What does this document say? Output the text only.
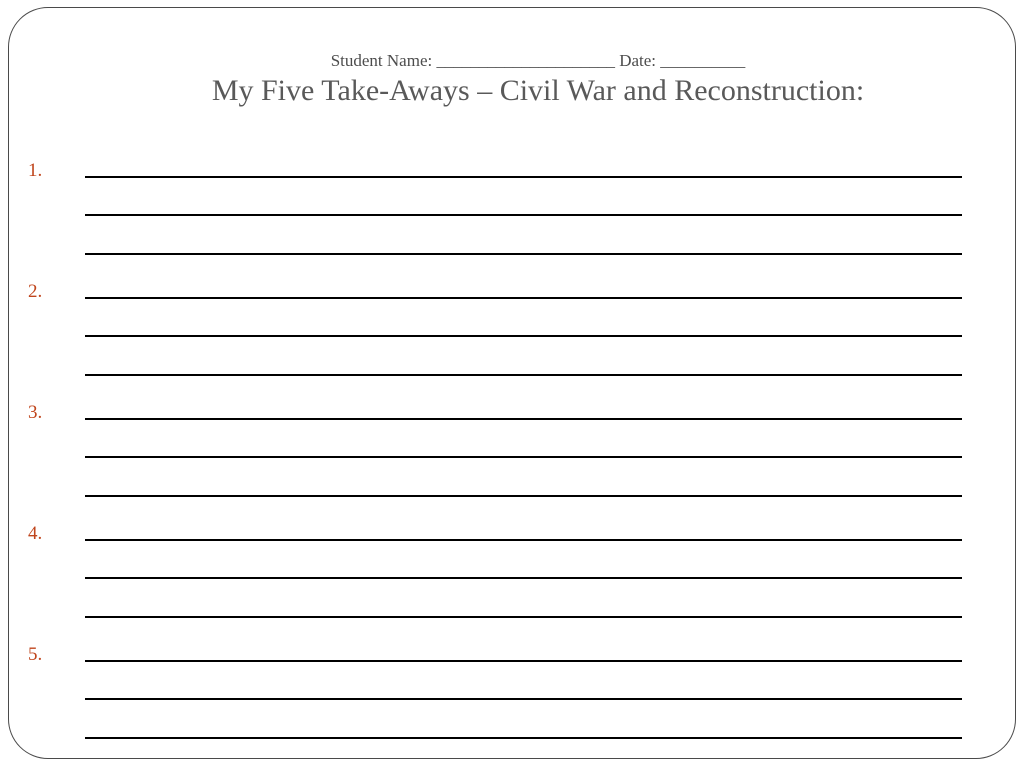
Student Name: _____________________ Date: __________
My Five Take-Aways – Civil War and Reconstruction:
1.
2.
3.
4.
5.
